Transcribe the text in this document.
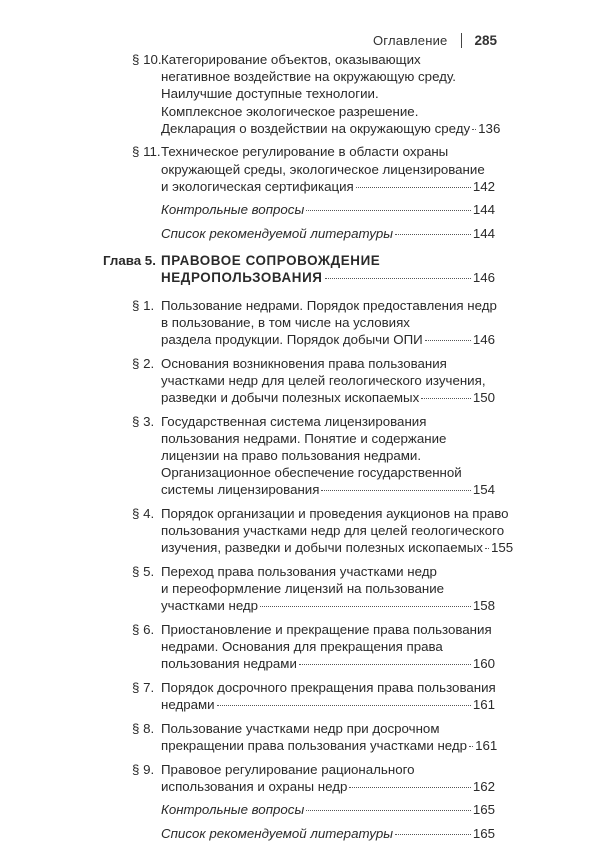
Оглавление 285
§ 10. Категорирование объектов, оказывающих
негативное воздействие на окружающую среду.
Наилучшие доступные технологии.
Комплексное экологическое разрешение.
Декларация о воздействии на окружающую среду 136
§ 11. Техническое регулирование в области охраны
окружающей среды, экологическое лицензирование
и экологическая сертификация	142
Контрольные вопросы	144
Список рекомендуемой литературы	144
Глава 5. ПРАВОВОЕ СОПРОВОЖДЕНИЕ
НЕДРОПОЛЬЗОВАНИЯ	146
§ 1. Пользование недрами. Порядок предоставления недр
в пользование, в том числе на условиях
раздела продукции. Порядок добычи ОПИ	146
§ 2. Основания возникновения права пользования
участками недр для целей геологического изучения,
разведки и добычи полезных ископаемых	150
§ 3. Государственная система лицензирования
пользования недрами. Понятие и содержание
лицензии на право пользования недрами.
Организационное обеспечение государственной
системы лицензирования	154
§ 4. Порядок организации и проведения аукционов на право
пользования участками недр для целей геологического
изучения, разведки и добычи полезных ископаемых 155
§ 5. Переход права пользования участками недр
и переоформление лицензий на пользование
участками недр	158
§ 6. Приостановление и прекращение права пользования
недрами. Основания для прекращения права
пользования недрами	160
§ 7. Порядок досрочного прекращения права пользования
недрами	161
§ 8. Пользование участками недр при досрочном
прекращении права пользования участками недр 161
§ 9. Правовое регулирование рационального
использования и охраны недр	162
Контрольные вопросы	165
Список рекомендуемой литературы	165
